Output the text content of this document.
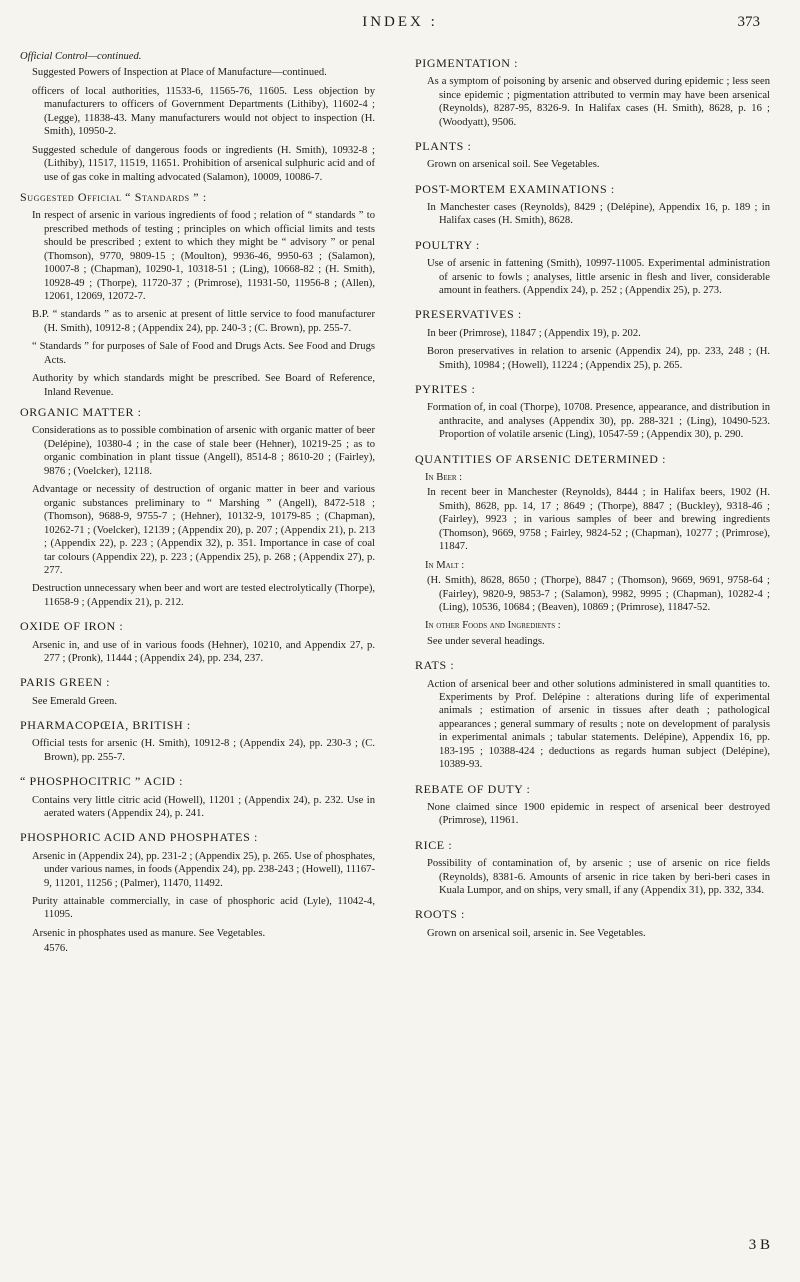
INDEX :	373
Official Control—continued.
Suggested Powers of Inspection at Place of Manufacture—continued.
officers of local authorities, 11533-6, 11565-76, 11605. Less objection by manufacturers to officers of Government Departments (Lithiby), 11602-4 ; (Legge), 11838-43. Many manufacturers would not object to inspection (H. Smith), 10950-2.
Suggested schedule of dangerous foods or ingredients (H. Smith), 10932-8 ; (Lithiby), 11517, 11519, 11651. Prohibition of arsenical sulphuric acid and of use of gas coke in malting advocated (Salamon), 10009, 10086-7.
Suggested Official “ Standards ” :
In respect of arsenic in various ingredients of food ; relation of “ standards ” to prescribed methods of testing ; principles on which official limits and tests should be prescribed ; extent to which they might be “ advisory ” or penal (Thomson), 9770, 9809-15 ; (Moulton), 9936-46, 9950-63 ; (Salamon), 10007-8 ; (Chapman), 10290-1, 10318-51 ; (Ling), 10668-82 ; (H. Smith), 10928-49 ; (Thorpe), 11720-37 ; (Primrose), 11931-50, 11956-8 ; (Allen), 12061, 12069, 12072-7.
B.P. “ standards ” as to arsenic at present of little service to food manufacturer (H. Smith), 10912-8 ; (Appendix 24), pp. 240-3 ; (C. Brown), pp. 255-7.
“ Standards ” for purposes of Sale of Food and Drugs Acts. See Food and Drugs Acts.
Authority by which standards might be prescribed. See Board of Reference, Inland Revenue.
ORGANIC MATTER :
Considerations as to possible combination of arsenic with organic matter of beer (Delépine), 10380-4 ; in the case of stale beer (Hehner), 10219-25 ; as to organic combination in plant tissue (Angell), 8514-8 ; 8610-20 ; (Fairley), 9876 ; (Voelcker), 12118.
Advantage or necessity of destruction of organic matter in beer and various organic substances preliminary to “ Marshing ” (Angell), 8472-518 ; (Thomson), 9688-9, 9755-7 ; (Hehner), 10132-9, 10179-85 ; (Chapman), 10262-71 ; (Voelcker), 12139 ; (Appendix 20), p. 207 ; (Appendix 21), p. 213 ; (Appendix 22), p. 223 ; (Appendix 32), p. 351. Importance in case of coal tar colours (Appendix 22), p. 223 ; (Appendix 25), p. 268 ; (Appendix 27), p. 277.
Destruction unnecessary when beer and wort are tested electrolytically (Thorpe), 11658-9 ; (Appendix 21), p. 212.
OXIDE OF IRON :
Arsenic in, and use of in various foods (Hehner), 10210, and Appendix 27, p. 277 ; (Pronk), 11444 ; (Appendix 24), pp. 234, 237.
PARIS GREEN :
See Emerald Green.
PHARMACOPŒIA, BRITISH :
Official tests for arsenic (H. Smith), 10912-8 ; (Appendix 24), pp. 230-3 ; (C. Brown), pp. 255-7.
“ PHOSPHOCITRIC ” ACID :
Contains very little citric acid (Howell), 11201 ; (Appendix 24), p. 232. Use in aerated waters (Appendix 24), p. 241.
PHOSPHORIC ACID AND PHOSPHATES :
Arsenic in (Appendix 24), pp. 231-2 ; (Appendix 25), p. 265. Use of phosphates, under various names, in foods (Appendix 24), pp. 238-243 ; (Howell), 11167-9, 11201, 11256 ; (Palmer), 11470, 11492.
Purity attainable commercially, in case of phosphoric acid (Lyle), 11042-4, 11095.
Arsenic in phosphates used as manure. See Vegetables.
4576.
PIGMENTATION :
As a symptom of poisoning by arsenic and observed during epidemic ; less seen since epidemic ; pigmentation attributed to vermin may have been arsenical (Reynolds), 8287-95, 8326-9. In Halifax cases (H. Smith), 8628, p. 16 ; (Woodyatt), 9506.
PLANTS :
Grown on arsenical soil. See Vegetables.
POST-MORTEM EXAMINATIONS :
In Manchester cases (Reynolds), 8429 ; (Delépine), Appendix 16, p. 189 ; in Halifax cases (H. Smith), 8628.
POULTRY :
Use of arsenic in fattening (Smith), 10997-11005. Experimental administration of arsenic to fowls ; analyses, little arsenic in flesh and liver, considerable amount in feathers. (Appendix 24), p. 252 ; (Appendix 25), p. 273.
PRESERVATIVES :
In beer (Primrose), 11847 ; (Appendix 19), p. 202.
Boron preservatives in relation to arsenic (Appendix 24), pp. 233, 248 ; (H. Smith), 10984 ; (Howell), 11224 ; (Appendix 25), p. 265.
PYRITES :
Formation of, in coal (Thorpe), 10708. Presence, appearance, and distribution in anthracite, and analyses (Appendix 30), pp. 288-321 ; (Ling), 10490-523. Proportion of volatile arsenic (Ling), 10547-59 ; (Appendix 30), p. 290.
QUANTITIES OF ARSENIC DETERMINED :
In Beer :
In recent beer in Manchester (Reynolds), 8444 ; in Halifax beers, 1902 (H. Smith), 8628, pp. 14, 17 ; 8649 ; (Thorpe), 8847 ; (Buckley), 9318-46 ; (Fairley), 9923 ; in various samples of beer and brewing ingredients (Thomson), 9669, 9758 ; Fairley, 9824-52 ; (Chapman), 10277 ; (Primrose), 11847.
In Malt :
(H. Smith), 8628, 8650 ; (Thorpe), 8847 ; (Thomson), 9669, 9691, 9758-64 ; (Fairley), 9820-9, 9853-7 ; (Salamon), 9982, 9995 ; (Chapman), 10282-4 ; (Ling), 10536, 10684 ; (Beaven), 10869 ; (Primrose), 11847-52.
In other Foods and Ingredients :
See under several headings.
RATS :
Action of arsenical beer and other solutions administered in small quantities to. Experiments by Prof. Delépine : alterations during life of experimental animals ; estimation of arsenic in tissues after death ; pathological appearances ; general summary of results ; note on development of paralysis in experimental animals ; tabular statements. Delépine), Appendix 16, pp. 183-195 ; 10388-424 ; deductions as regards human subject (Delépine), 10389-93.
REBATE OF DUTY :
None claimed since 1900 epidemic in respect of arsenical beer destroyed (Primrose), 11961.
RICE :
Possibility of contamination of, by arsenic ; use of arsenic on rice fields (Reynolds), 8381-6. Amounts of arsenic in rice taken by beri-beri cases in Kuala Lumpor, and on ships, very small, if any (Appendix 31), pp. 332, 334.
ROOTS :
Grown on arsenical soil, arsenic in. See Vegetables.
3 B
